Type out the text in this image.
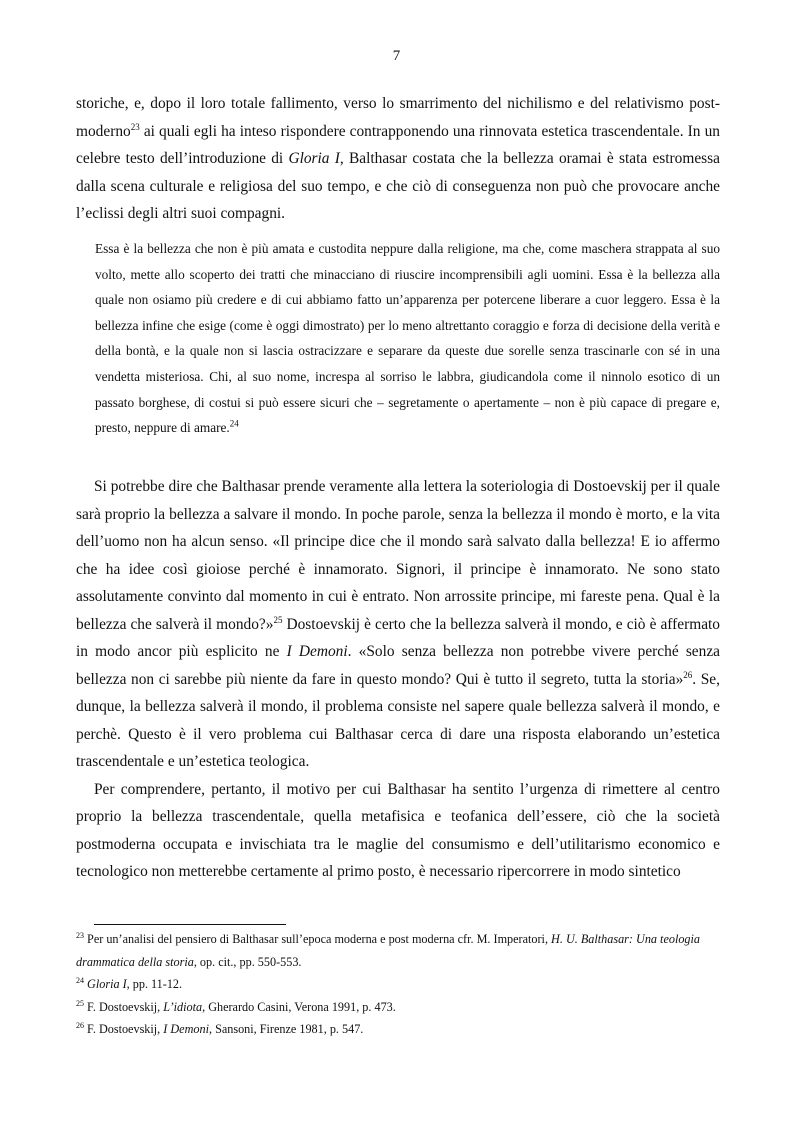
7

storiche, e, dopo il loro totale fallimento, verso lo smarrimento del nichilismo e del relativismo post-moderno$^{23}$ ai quali egli ha inteso rispondere contrapponendo una rinnovata estetica trascendentale. In un celebre testo dell’introduzione di Gloria I, Balthasar costata che la bellezza oramai è stata estromessa dalla scena culturale e religiosa del suo tempo, e che ciò di conseguenza non può che provocare anche l’eclissi degli altri suoi compagni.

Essa è la bellezza che non è più amata e custodita neppure dalla religione, ma che, come maschera strappata al suo volto, mette allo scoperto dei tratti che minacciano di riuscire incomprensibili agli uomini. Essa è la bellezza alla quale non osiamo più credere e di cui abbiamo fatto un’apparenza per potercene liberare a cuor leggero. Essa è la bellezza infine che esige (come è oggi dimostrato) per lo meno altrettanto coraggio e forza di decisione della verità e della bontà, e la quale non si lascia ostracizzare e separare da queste due sorelle senza trascinarle con sé in una vendetta misteriosa. Chi, al suo nome, increspa al sorriso le labbra, giudicandola come il ninnolo esotico di un passato borghese, di costui si può essere sicuri che – segretamente o apertamente – non è più capace di pregare e, presto, neppure di amare.$^{24}$

Si potrebbe dire che Balthasar prende veramente alla lettera la soteriologia di Dostoevskij per il quale sarà proprio la bellezza a salvare il mondo. In poche parole, senza la bellezza il mondo è morto, e la vita dell’uomo non ha alcun senso. «Il principe dice che il mondo sarà salvato dalla bellezza! E io affermo che ha idee così gioiose perché è innamorato. Signori, il principe è innamorato. Ne sono stato assolutamente convinto dal momento in cui è entrato. Non arrossite principe, mi fareste pena. Qual è la bellezza che salverà il mondo?»$^{25}$ Dostoevskij è certo che la bellezza salverà il mondo, e ciò è affermato in modo ancor più esplicito ne I Demoni. «Solo senza bellezza non potrebbe vivere perché senza bellezza non ci sarebbe più niente da fare in questo mondo? Qui è tutto il segreto, tutta la storia»$^{26}$. Se, dunque, la bellezza salverà il mondo, il problema consiste nel sapere quale bellezza salverà il mondo, e perchè. Questo è il vero problema cui Balthasar cerca di dare una risposta elaborando un’estetica trascendentale e un’estetica teologica.

Per comprendere, pertanto, il motivo per cui Balthasar ha sentito l’urgenza di rimettere al centro proprio la bellezza trascendentale, quella metafisica e teofanica dell’essere, ciò che la società postmoderna occupata e invischiata tra le maglie del consumismo e dell’utilitarismo economico e tecnologico non metterebbe certamente al primo posto, è necessario ripercorrere in modo sintetico

$^{23}$ Per un’analisi del pensiero di Balthasar sull’epoca moderna e post moderna cfr. M. Imperatori, H. U. Balthasar: Una teologia drammatica della storia, op. cit., pp. 550-553.

$^{24}$ Gloria I, pp. 11-12.

$^{25}$ F. Dostoevskij, L’idiota, Gherardo Casini, Verona 1991, p. 473.

$^{26}$ F. Dostoevskij, I Demoni, Sansoni, Firenze 1981, p. 547.
